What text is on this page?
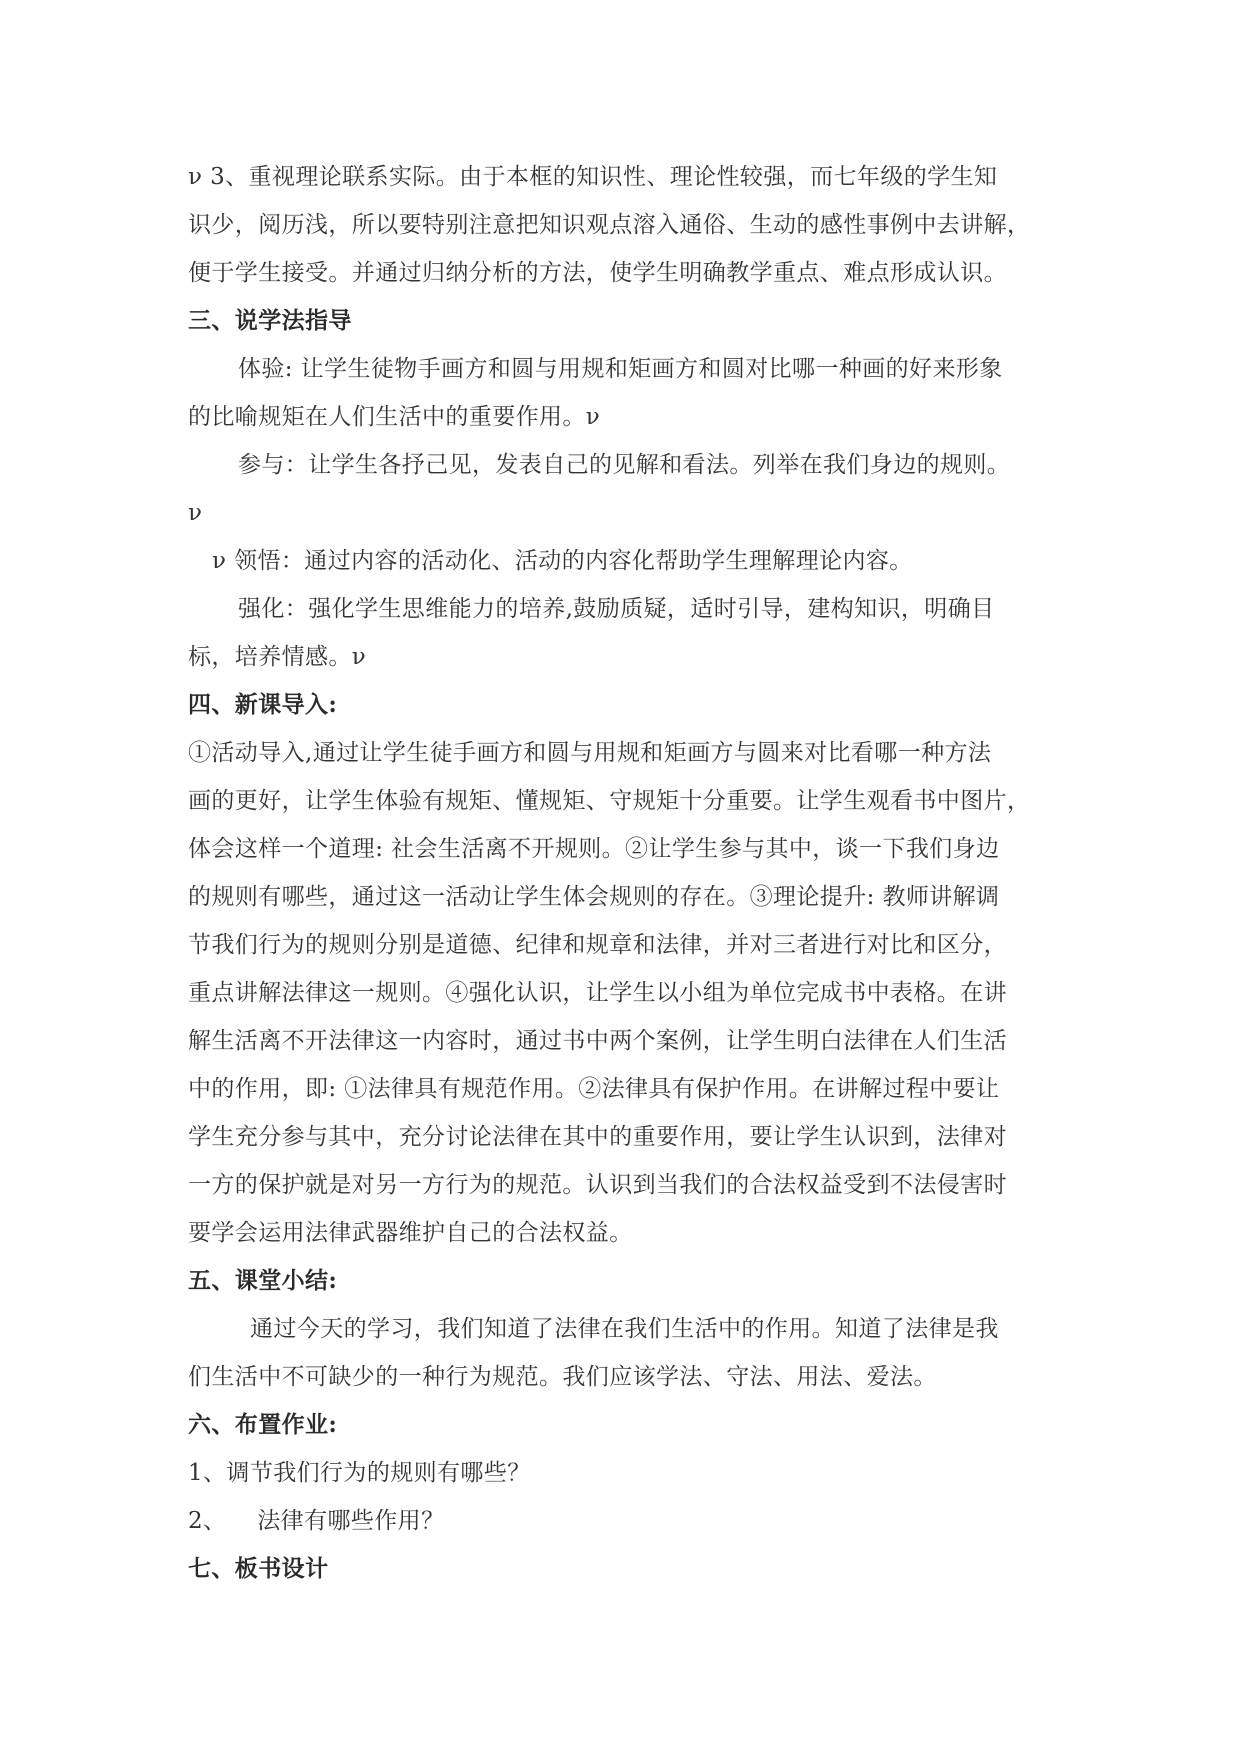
ν 3、重视理论联系实际。由于本框的知识性、理论性较强，而七年级的学生知
识少，阅历浅，所以要特别注意把知识观点溶入通俗、生动的感性事例中去讲解，
便于学生接受。并通过归纳分析的方法，使学生明确教学重点、难点形成认识。
三、说学法指导
体验: 让学生徒物手画方和圆与用规和矩画方和圆对比哪一种画的好来形象
的比喻规矩在人们生活中的重要作用。ν
参与：让学生各抒己见，发表自己的见解和看法。列举在我们身边的规则。
ν
ν 领悟：通过内容的活动化、活动的内容化帮助学生理解理论内容。
强化：强化学生思维能力的培养,鼓励质疑，适时引导，建构知识，明确目
标，培养情感。ν
四、新课导入:
①活动导入,通过让学生徒手画方和圆与用规和矩画方与圆来对比看哪一种方法
画的更好，让学生体验有规矩、懂规矩、守规矩十分重要。让学生观看书中图片，
体会这样一个道理: 社会生活离不开规则。②让学生参与其中，谈一下我们身边
的规则有哪些，通过这一活动让学生体会规则的存在。③理论提升: 教师讲解调
节我们行为的规则分别是道德、纪律和规章和法律，并对三者进行对比和区分，
重点讲解法律这一规则。④强化认识，让学生以小组为单位完成书中表格。在讲
解生活离不开法律这一内容时，通过书中两个案例，让学生明白法律在人们生活
中的作用，即: ①法律具有规范作用。②法律具有保护作用。在讲解过程中要让
学生充分参与其中，充分讨论法律在其中的重要作用，要让学生认识到，法律对
一方的保护就是对另一方行为的规范。认识到当我们的合法权益受到不法侵害时
要学会运用法律武器维护自己的合法权益。
五、课堂小结:
通过今天的学习，我们知道了法律在我们生活中的作用。知道了法律是我
们生活中不可缺少的一种行为规范。我们应该学法、守法、用法、爱法。
六、布置作业:
1、调节我们行为的规则有哪些？
2、    法律有哪些作用？
七、板书设计
